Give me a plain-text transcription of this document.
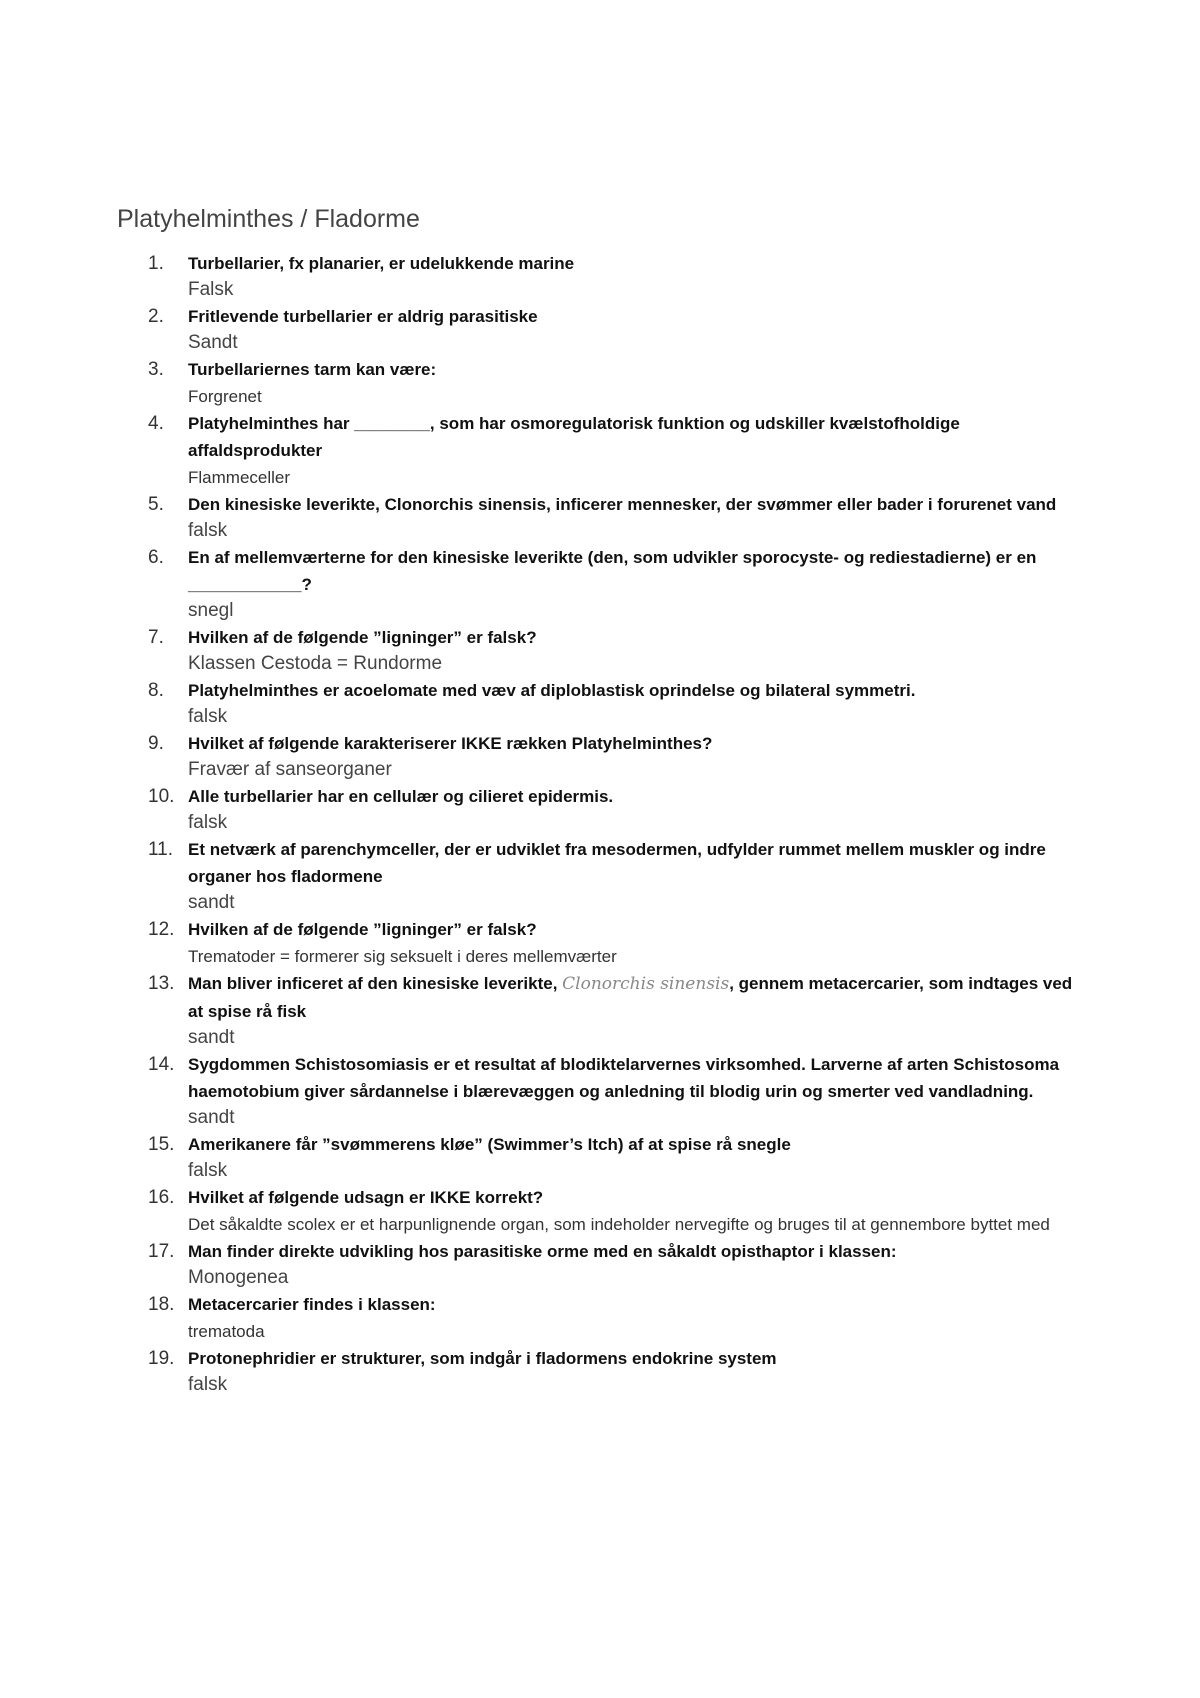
Platyhelminthes / Fladorme
1.	Turbellarier, fx planarier, er udelukkende marine
Falsk
2.	Fritlevende turbellarier er aldrig parasitiske
Sandt
3.	Turbellariernes tarm kan være:
Forgrenet
4.	Platyhelminthes har ________, som har osmoregulatorisk funktion og udskiller kvælstofholdige affaldsprodukter
Flammeceller
5.	Den kinesiske leverikte, Clonorchis sinensis, inficerer mennesker, der svømmer eller bader i forurenet vand
falsk
6.	En af mellemværterne for den kinesiske leverikte (den, som udvikler sporocyste- og rediestadierne) er en ____________?
snegl
7.	Hvilken af de følgende ”ligninger” er falsk?
Klassen Cestoda = Rundorme
8.	Platyhelminthes er acoelomate med væv af diploblastisk oprindelse og bilateral symmetri.
falsk
9.	Hvilket af følgende karakteriserer IKKE rækken Platyhelminthes?
Fravær af sanseorganer
10. Alle turbellarier har en cellulær og cilieret epidermis.
falsk
11. Et netværk af parenchymceller, der er udviklet fra mesodermen, udfylder rummet mellem muskler og indre organer hos fladormene
sandt
12. Hvilken af de følgende ”ligninger” er falsk?
Trematoder = formerer sig seksuelt i deres mellemværter
13. Man bliver inficeret af den kinesiske leverikte, Clonorchis sinensis, gennem metacercarier, som indtages ved at spise rå fisk
sandt
14. Sygdommen Schistosomiasis er et resultat af blodiktelarvernes virksomhed. Larverne af arten Schistosoma haemotobium giver sårdannelse i blærevæggen og anledning til blodig urin og smerter ved vandladning.
sandt
15. Amerikanere får ”svømmerens kløe” (Swimmer’s Itch) af at spise rå snegle
falsk
16. Hvilket af følgende udsagn er IKKE korrekt?
Det såkaldte scolex er et harpunlignende organ, som indeholder nervegifte og bruges til at gennembore byttet med
17. Man finder direkte udvikling hos parasitiske orme med en såkaldt opisthaptor i klassen:
Monogenea
18. Metacercarier findes i klassen:
trematoda
19. Protonephridier er strukturer, som indgår i fladormens endokrine system
falsk
